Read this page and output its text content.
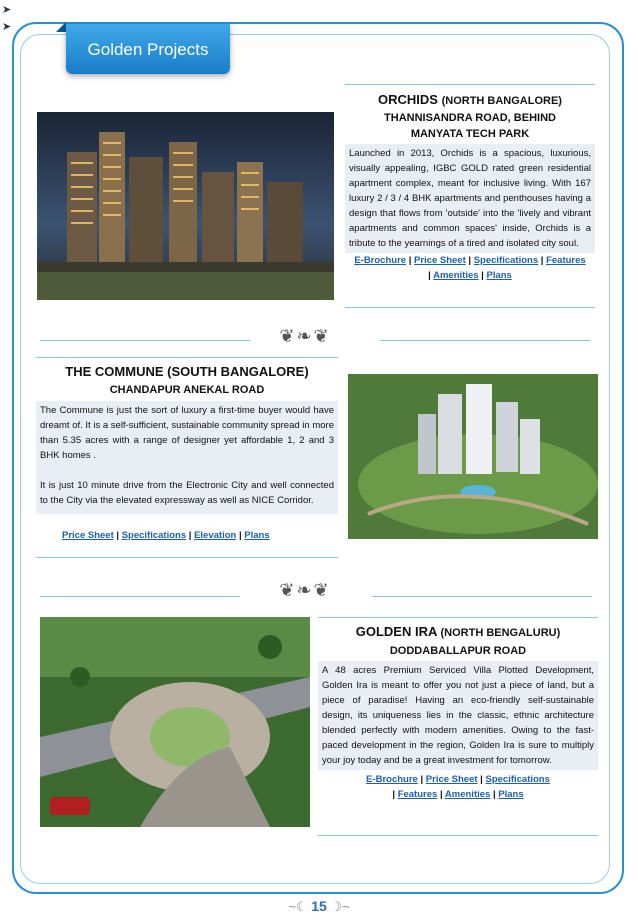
➤
➤
Golden Projects
ORCHIDS (NORTH BANGALORE)
THANNISANDRA ROAD, BEHIND
MANYATA TECH PARK
Launched in 2013, Orchids is a spacious, luxurious, visually appealing, IGBC GOLD rated green residential apartment complex, meant for inclusive living. With 167 luxury 2 / 3 / 4 BHK apartments and penthouses having a design that flows from 'outside' into the 'lively and vibrant apartments and common spaces' inside, Orchids is a tribute to the yearnings of a tired and isolated city soul.
E-Brochure | Price Sheet | Specifications | Features
| Amenities | Plans
❦❧❦
THE COMMUNE (SOUTH BANGALORE)
CHANDAPUR ANEKAL ROAD
The Commune is just the sort of luxury a first-time buyer would have dreamt of. It is a self-sufficient, sustainable community spread in more than 5.35 acres with a range of designer yet affordable 1, 2 and 3 BHK homes .
It is just 10 minute drive from the Electronic City and well connected to the City via the elevated expressway as well as NICE Corridor.
Price Sheet | Specifications | Elevation | Plans
❦❧❦
GOLDEN IRA (NORTH BENGALURU)
DODDABALLAPUR ROAD
A 48 acres Premium Serviced Villa Plotted Development, Golden Ira is meant to offer you not just a piece of land, but a piece of paradise! Having an eco-friendly self-sustainable design, its uniqueness lies in the classic, ethnic architecture blended perfectly with modern amenities. Owing to the fast-paced development in the region, Golden Ira is sure to multiply your joy today and be a great investment for tomorrow.
E-Brochure | Price Sheet | Specifications
| Features | Amenities | Plans
~☾ 15 ☽~
